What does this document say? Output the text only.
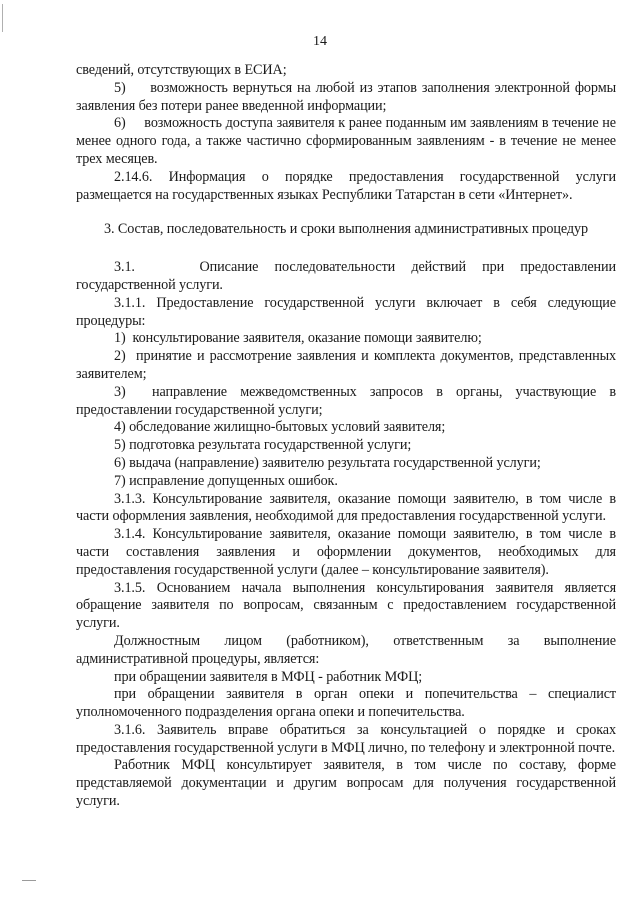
14

сведений, отсутствующих в ЕСИА;

5)     возможность вернуться на любой из этапов заполнения электронной формы заявления без потери ранее введенной информации;

6)     возможность доступа заявителя к ранее поданным им заявлениям в течение не менее одного года, а также частично сформированным заявлениям - в течение не менее трех месяцев.

2.14.6. Информация о порядке предоставления государственной услуги размещается на государственных языках Республики Татарстан в сети «Интернет».

3. Состав, последовательность и сроки выполнения административных процедур

3.1.    Описание последовательности действий при предоставлении государственной услуги.

3.1.1. Предоставление государственной услуги включает в себя следующие процедуры:

1)  консультирование заявителя, оказание помощи заявителю;

2)  принятие и рассмотрение заявления и комплекта документов, представленных заявителем;

3)  направление межведомственных запросов в органы, участвующие в предоставлении государственной услуги;

4) обследование жилищно-бытовых условий заявителя;

5) подготовка результата государственной услуги;

6) выдача (направление) заявителю результата государственной услуги;

7) исправление допущенных ошибок.

3.1.3. Консультирование заявителя, оказание помощи заявителю, в том числе в части оформления заявления, необходимой для предоставления государственной услуги.

3.1.4. Консультирование заявителя, оказание помощи заявителю, в том числе в части составления заявления и оформлении документов, необходимых для предоставления государственной услуги (далее – консультирование заявителя).

3.1.5. Основанием начала выполнения консультирования заявителя является обращение заявителя по вопросам, связанным с предоставлением государственной услуги.

Должностным лицом (работником), ответственным за выполнение административной процедуры, является:

при обращении заявителя в МФЦ - работник МФЦ;

при обращении заявителя в орган опеки и попечительства – специалист уполномоченного подразделения органа опеки и попечительства.

3.1.6. Заявитель вправе обратиться за консультацией о порядке и сроках предоставления государственной услуги в МФЦ лично, по телефону и электронной почте.

Работник МФЦ консультирует заявителя, в том числе по составу, форме представляемой документации и другим вопросам для получения государственной услуги.
